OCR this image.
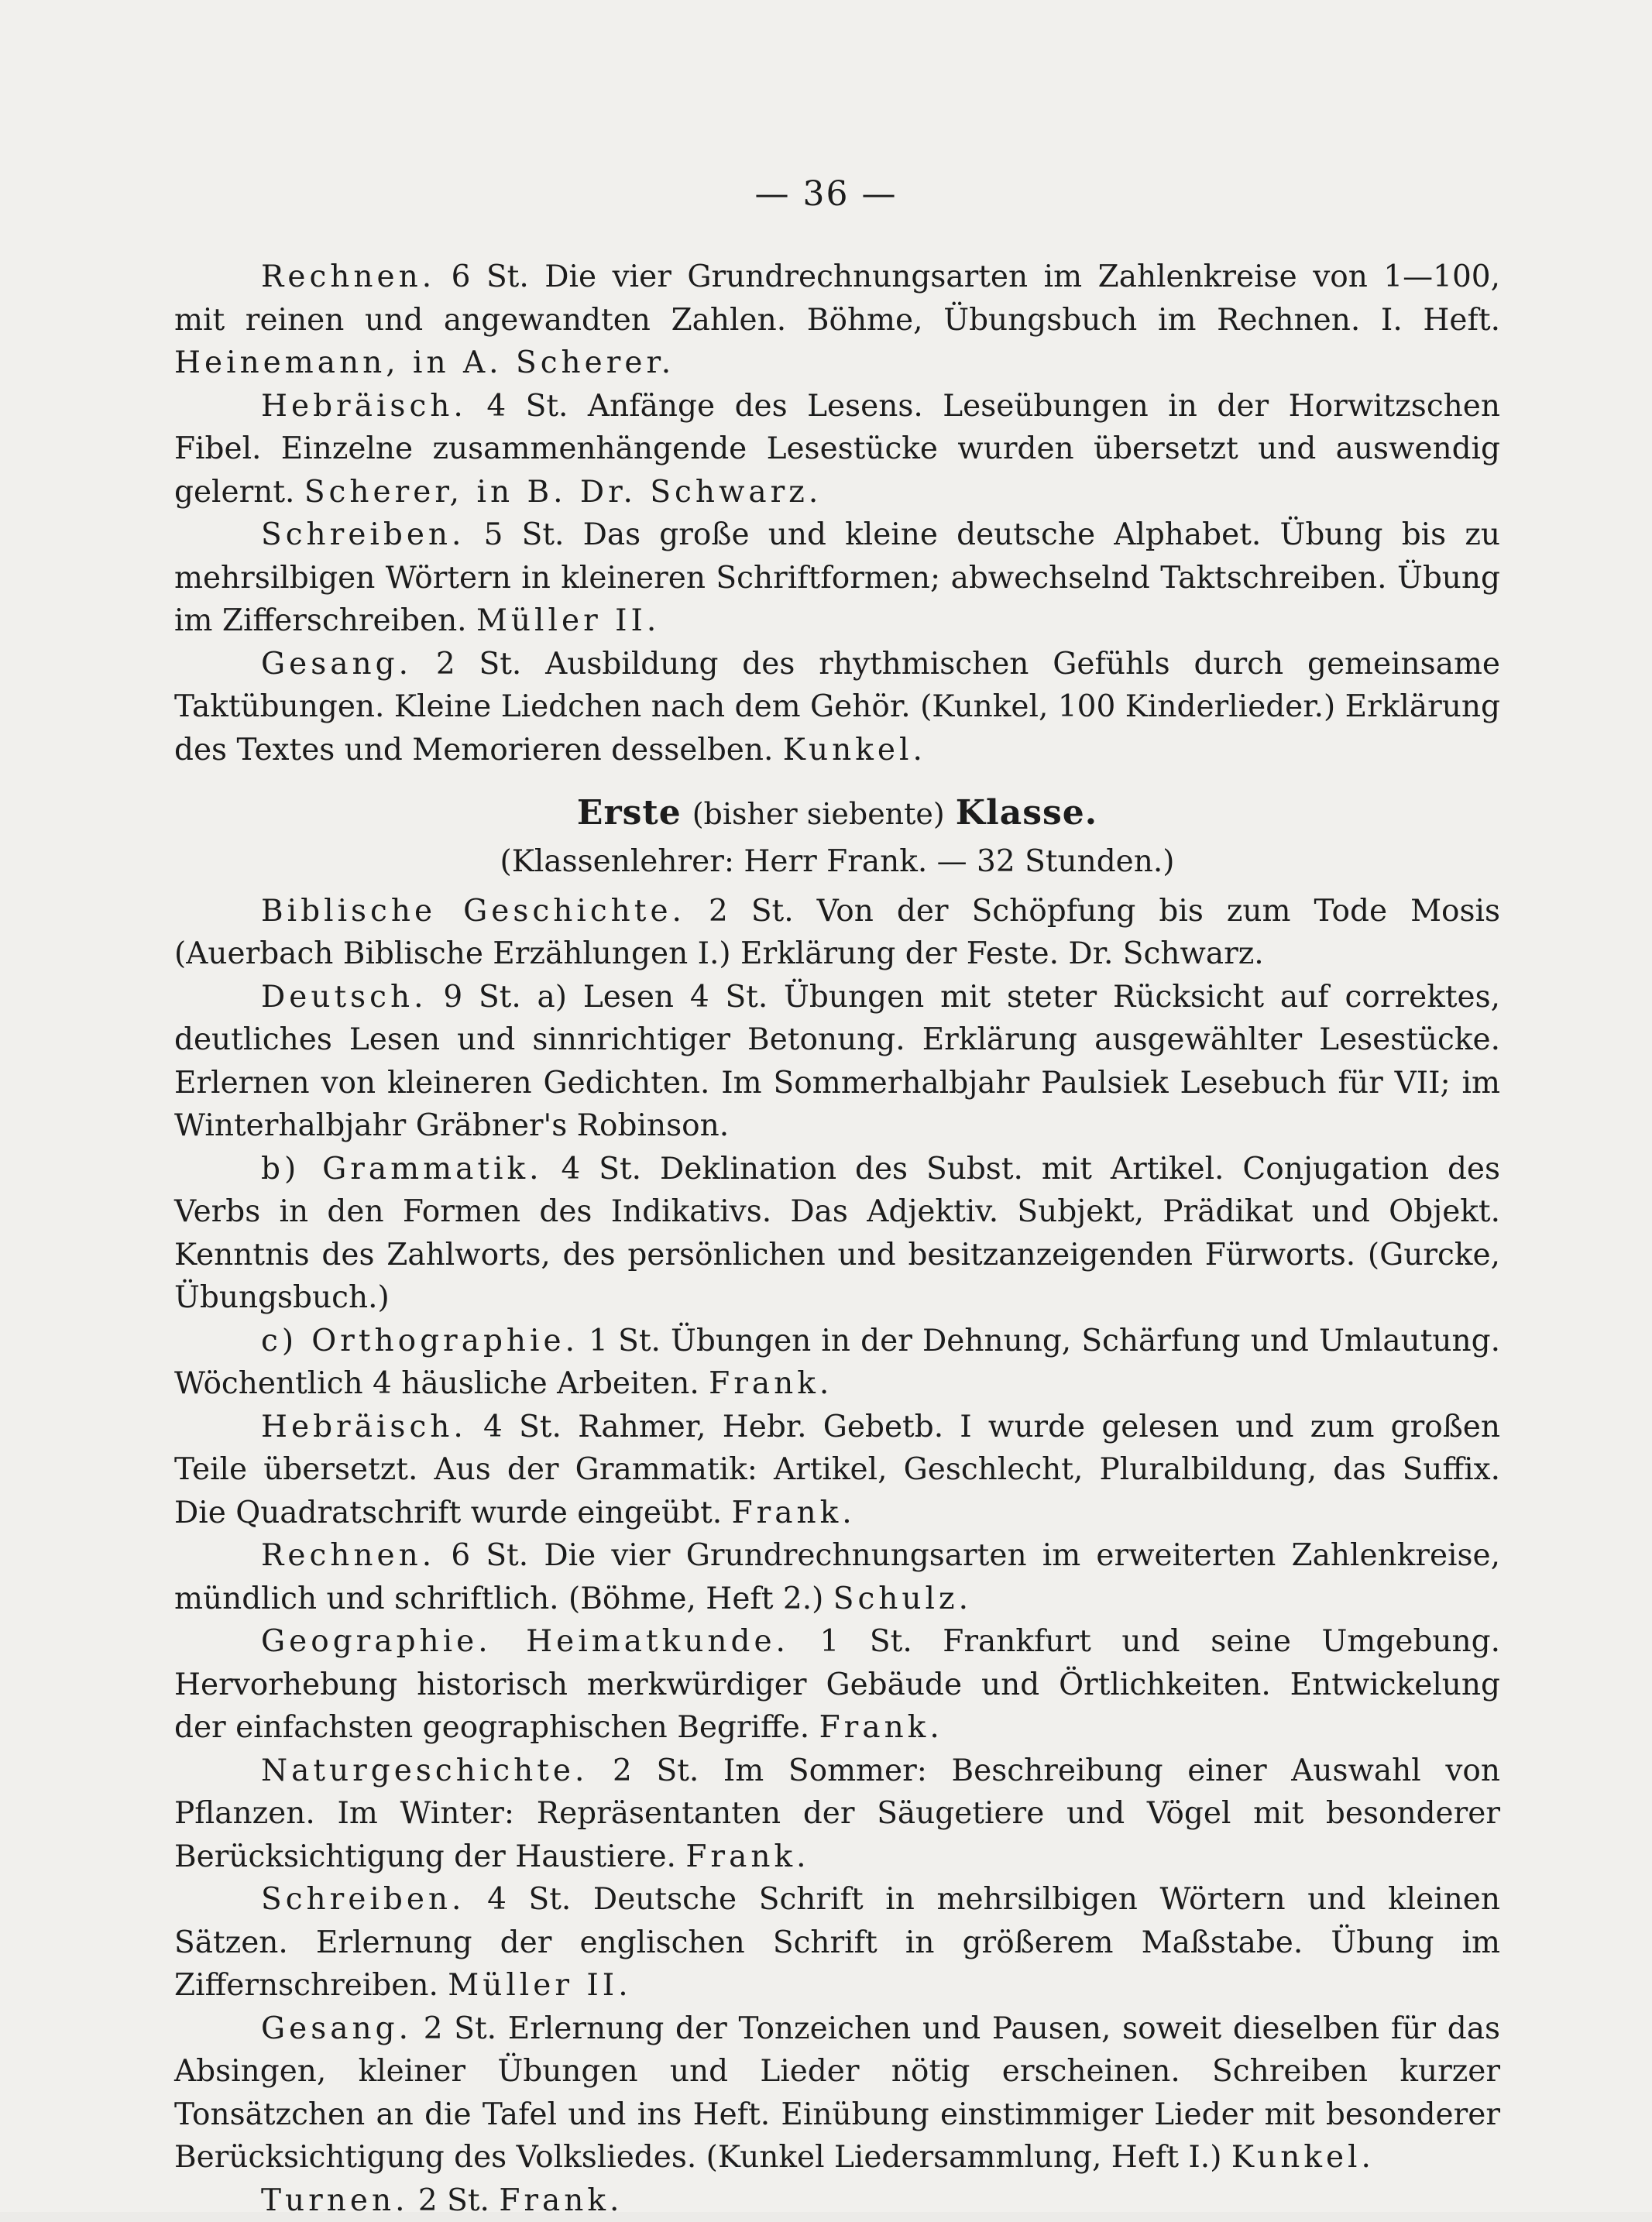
— 36 —

Rechnen. 6 St. Die vier Grundrechnungsarten im Zahlenkreise von 1—100, mit reinen und angewandten Zahlen. Böhme, Übungsbuch im Rechnen. I. Heft. Heinemann, in A. Scherer.

Hebräisch. 4 St. Anfänge des Lesens. Leseübungen in der Horwitzschen Fibel. Einzelne zusammenhängende Lesestücke wurden übersetzt und auswendig gelernt. Scherer, in B. Dr. Schwarz.

Schreiben. 5 St. Das große und kleine deutsche Alphabet. Übung bis zu mehrsilbigen Wörtern in kleineren Schriftformen; abwechselnd Taktschreiben. Übung im Zifferschreiben. Müller II.

Gesang. 2 St. Ausbildung des rhythmischen Gefühls durch gemeinsame Taktübungen. Kleine Liedchen nach dem Gehör. (Kunkel, 100 Kinderlieder.) Erklärung des Textes und Memorieren desselben. Kunkel.

Erste (bisher siebente) Klasse.

(Klassenlehrer: Herr Frank. — 32 Stunden.)

Biblische Geschichte. 2 St. Von der Schöpfung bis zum Tode Mosis (Auerbach Biblische Erzählungen I.) Erklärung der Feste. Dr. Schwarz.

Deutsch. 9 St. a) Lesen 4 St. Übungen mit steter Rücksicht auf correktes, deutliches Lesen und sinnrichtiger Betonung. Erklärung ausgewählter Lesestücke. Erlernen von kleineren Gedichten. Im Sommerhalbjahr Paulsiek Lesebuch für VII; im Winterhalbjahr Gräbner's Robinson.

b) Grammatik. 4 St. Deklination des Subst. mit Artikel. Conjugation des Verbs in den Formen des Indikativs. Das Adjektiv. Subjekt, Prädikat und Objekt. Kenntnis des Zahlworts, des persönlichen und besitzanzeigenden Fürworts. (Gurcke, Übungsbuch.)

c) Orthographie. 1 St. Übungen in der Dehnung, Schärfung und Umlautung. Wöchentlich 4 häusliche Arbeiten. Frank.

Hebräisch. 4 St. Rahmer, Hebr. Gebetb. I wurde gelesen und zum großen Teile übersetzt. Aus der Grammatik: Artikel, Geschlecht, Pluralbildung, das Suffix. Die Quadratschrift wurde eingeübt. Frank.

Rechnen. 6 St. Die vier Grundrechnungsarten im erweiterten Zahlenkreise, mündlich und schriftlich. (Böhme, Heft 2.) Schulz.

Geographie. Heimatkunde. 1 St. Frankfurt und seine Umgebung. Hervorhebung historisch merkwürdiger Gebäude und Örtlichkeiten. Entwickelung der einfachsten geographischen Begriffe. Frank.

Naturgeschichte. 2 St. Im Sommer: Beschreibung einer Auswahl von Pflanzen. Im Winter: Repräsentanten der Säugetiere und Vögel mit besonderer Berücksichtigung der Haustiere. Frank.

Schreiben. 4 St. Deutsche Schrift in mehrsilbigen Wörtern und kleinen Sätzen. Erlernung der englischen Schrift in größerem Maßstabe. Übung im Ziffernschreiben. Müller II.

Gesang. 2 St. Erlernung der Tonzeichen und Pausen, soweit dieselben für das Absingen, kleiner Übungen und Lieder nötig erscheinen. Schreiben kurzer Tonsätzchen an die Tafel und ins Heft. Einübung einstimmiger Lieder mit besonderer Berücksichtigung des Volksliedes. (Kunkel Liedersammlung, Heft I.) Kunkel.

Turnen. 2 St. Frank.
